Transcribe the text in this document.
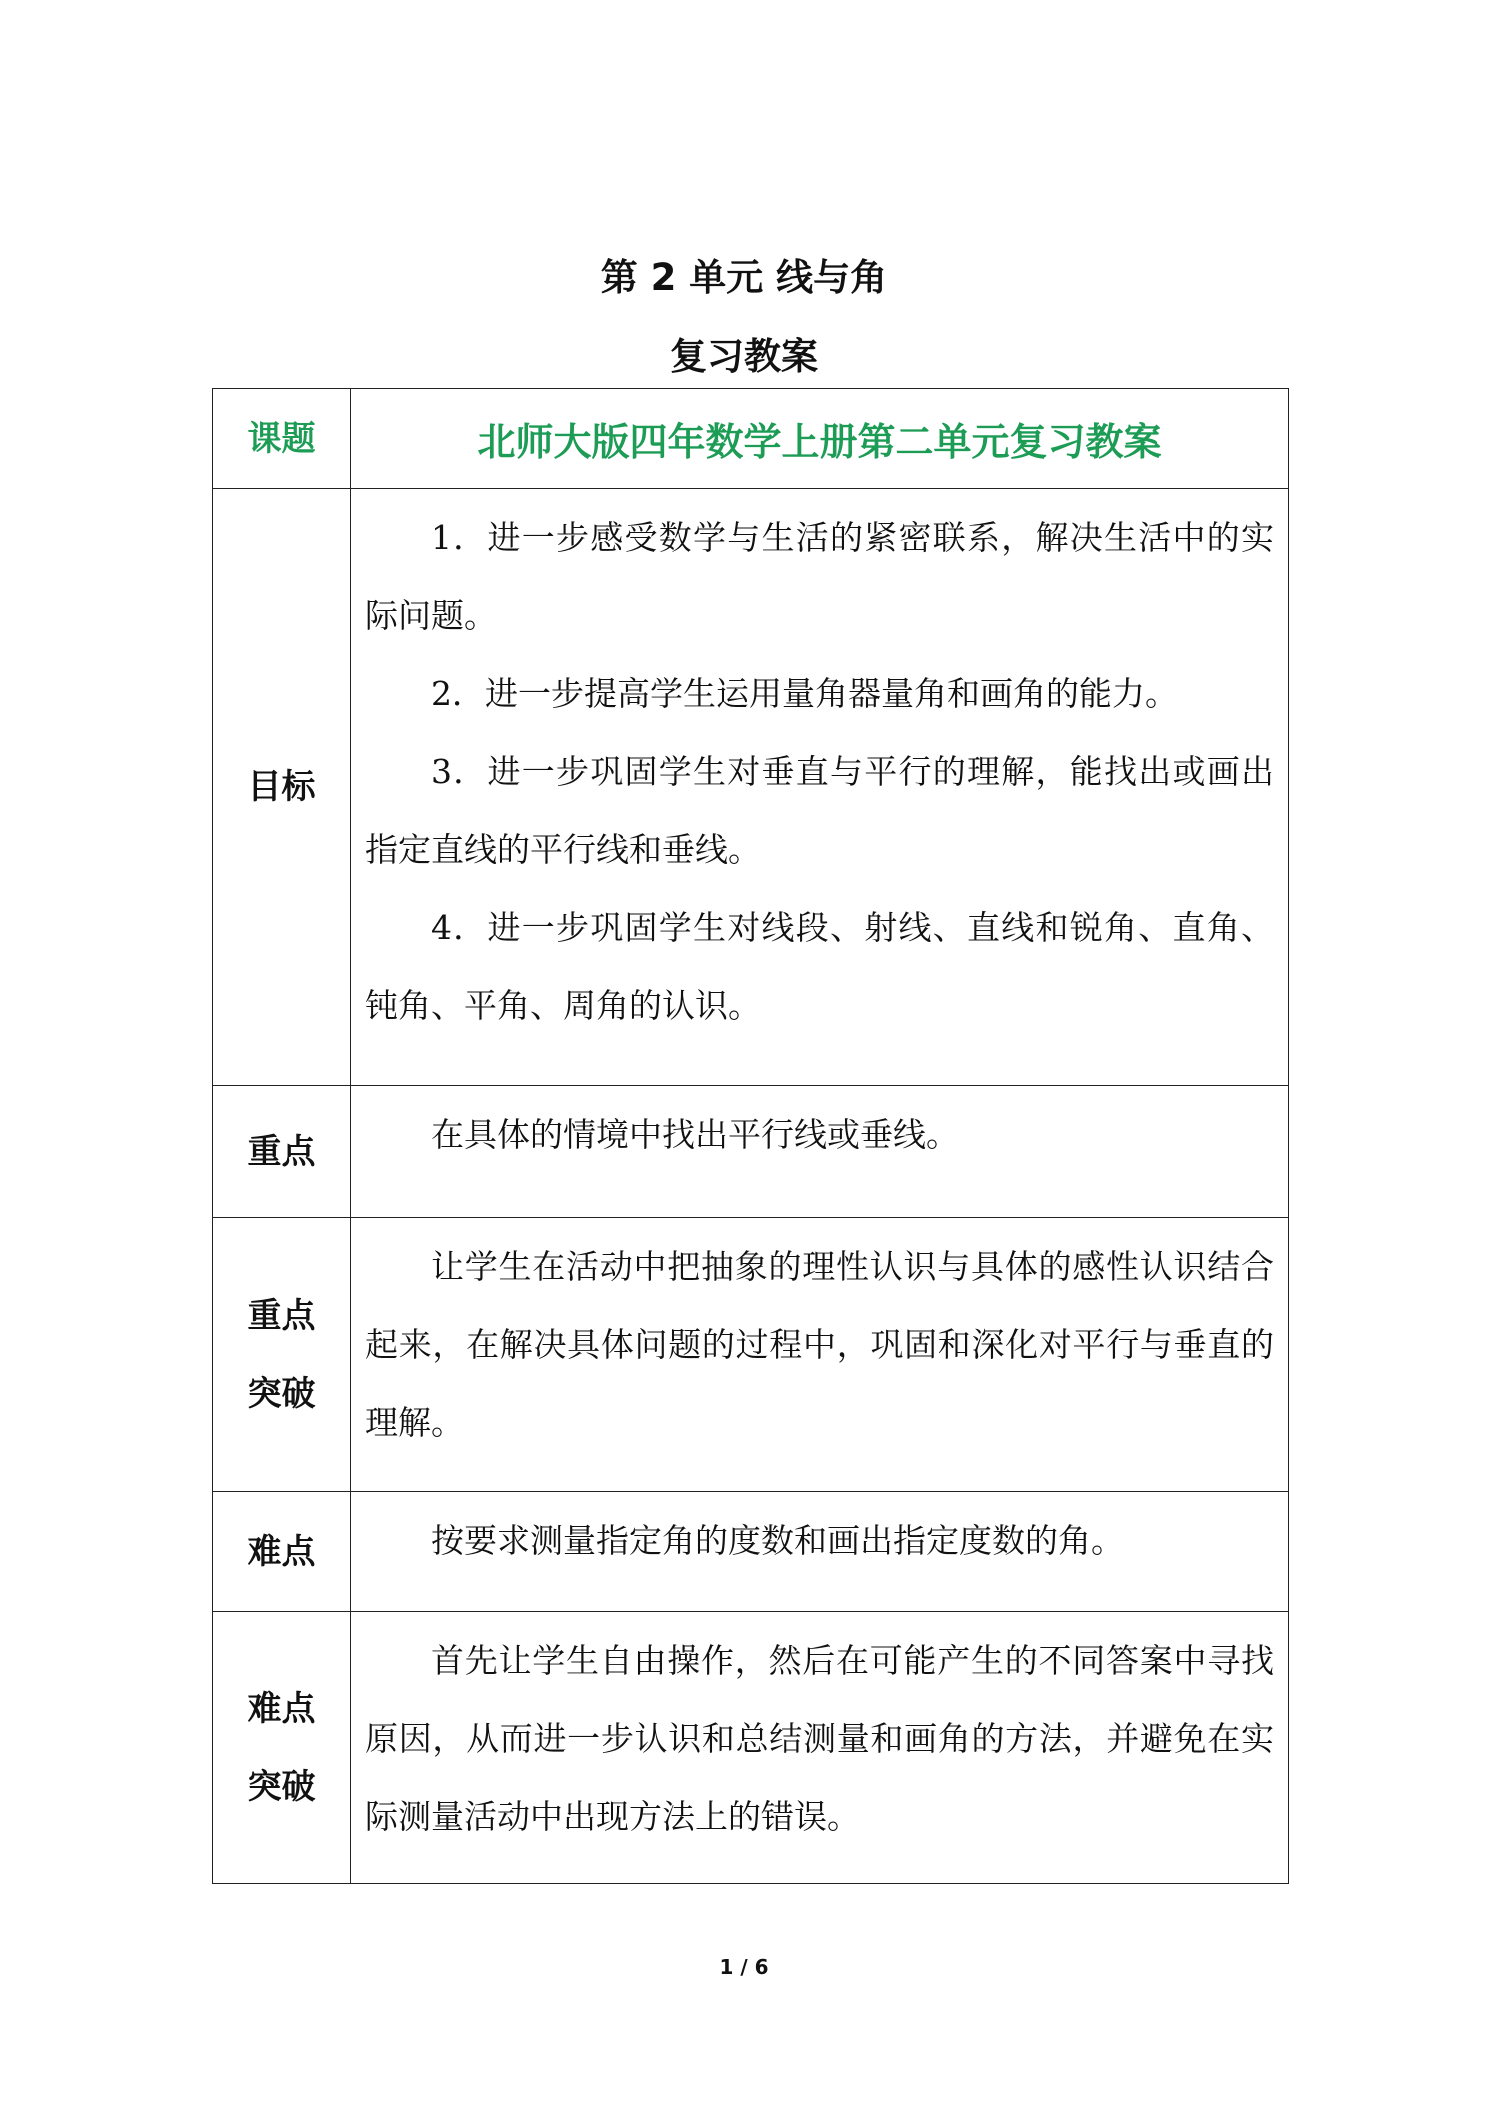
第 2 单元 线与角
复习教案
课题	北师大版四年数学上册第二单元复习教案
目标	1．进一步感受数学与生活的紧密联系，解决生活中的实际问题。

2．进一步提高学生运用量角器量角和画角的能力。

3．进一步巩固学生对垂直与平行的理解，能找出或画出指定直线的平行线和垂线。

4．进一步巩固学生对线段、射线、直线和锐角、直角、钝角、平角、周角的认识。

重点	在具体的情境中找出平行线或垂线。

重点
突破	让学生在活动中把抽象的理性认识与具体的感性认识结合起来，在解决具体问题的过程中，巩固和深化对平行与垂直的理解。

难点	按要求测量指定角的度数和画出指定度数的角。

难点
突破	首先让学生自由操作，然后在可能产生的不同答案中寻找原因，从而进一步认识和总结测量和画角的方法，并避免在实际测量活动中出现方法上的错误。

1 / 6
